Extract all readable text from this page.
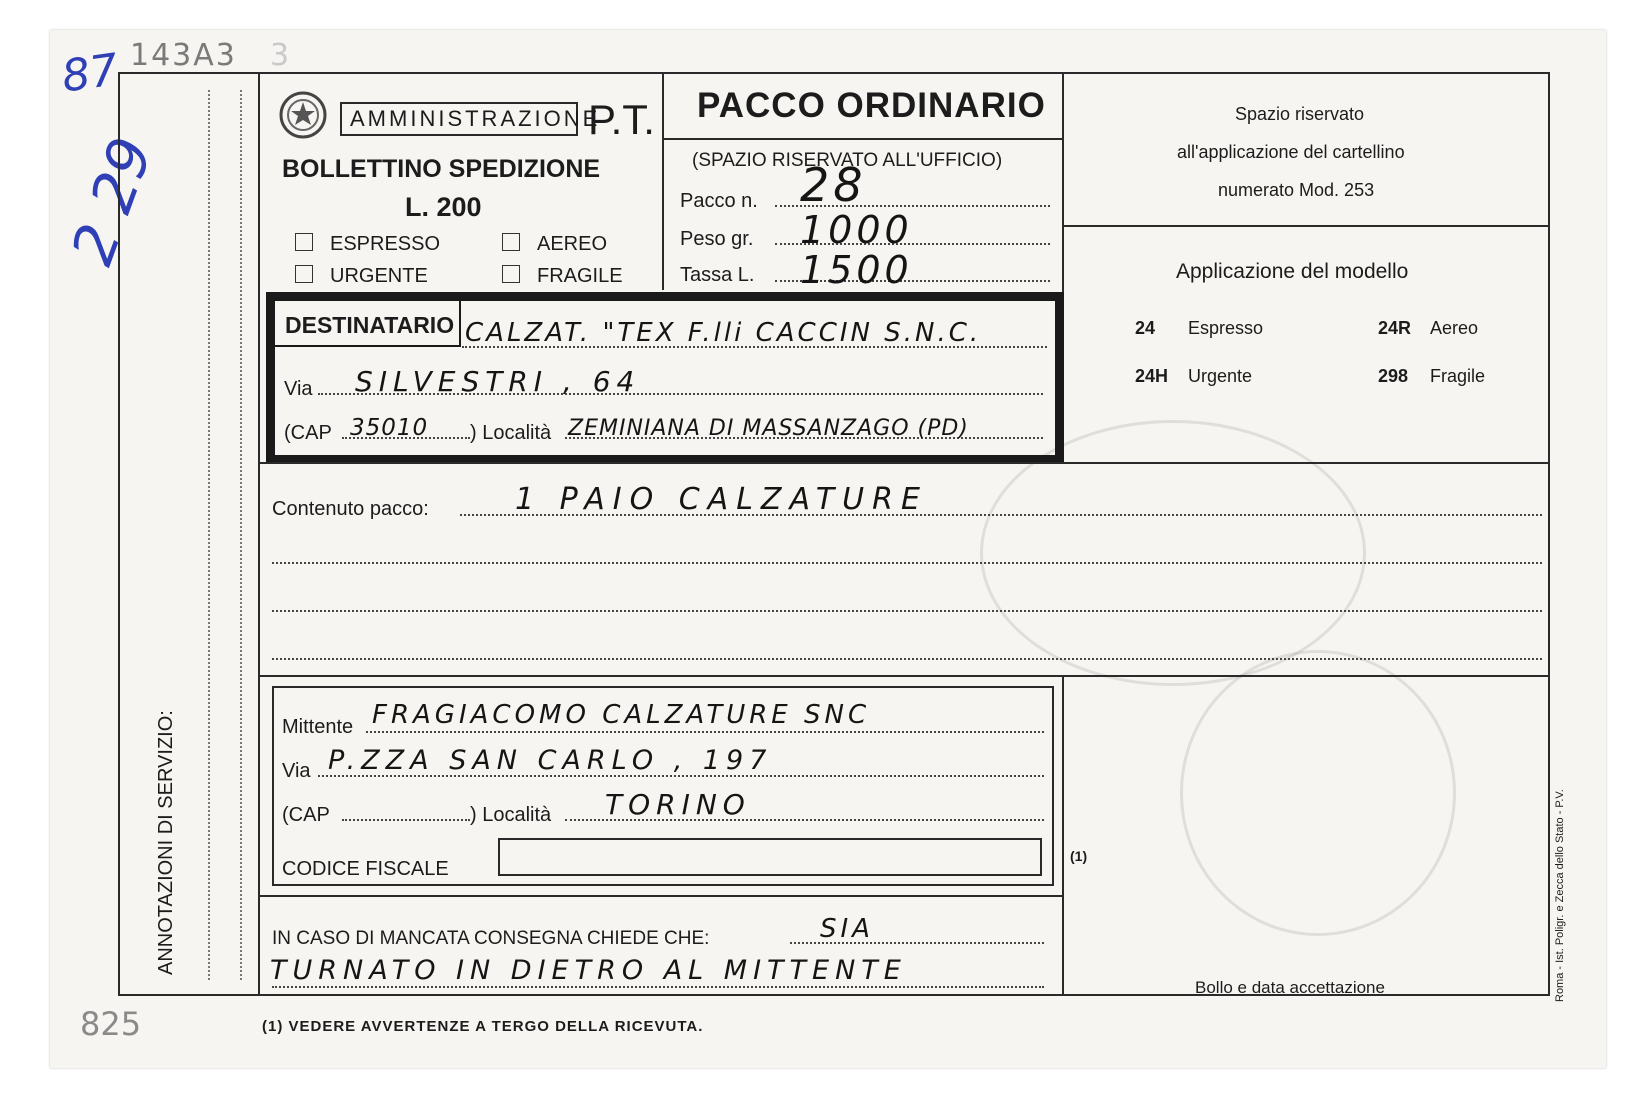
143A3 3
87
2 29
825
ANNOTAZIONI DI SERVIZIO:
AMMINISTRAZIONE
P.T.
BOLLETTINO SPEDIZIONE
L. 200
ESPRESSO	AEREO
URGENTE	FRAGILE
PACCO ORDINARIO
(SPAZIO RISERVATO ALL'UFFICIO)
Pacco n. 28
Peso gr. 1000
Tassa L. 1500
Spazio riservato
all'applicazione del cartellino
numerato Mod. 253
Applicazione del modello
24 Espresso	24R Aereo
24H Urgente	298 Fragile
DESTINATARIO CALZAT. "TEX F.lli CACCIN S.N.C.
Via SILVESTRI , 64
(CAP 35010 ) Località ZEMINIANA DI MASSANZAGO (PD)
Contenuto pacco:	1 PAIO CALZATURE
Mittente FRAGIACOMO CALZATURE SNC
Via P.ZZA SAN CARLO , 197
(CAP	) Località TORINO
CODICE FISCALE
(1)
IN CASO DI MANCATA CONSEGNA CHIEDE CHE:	SIA
TURNATO IN DIETRO AL MITTENTE
Bollo e data accettazione	Roma - Ist. Poligr. e Zecca dello Stato - P.V.
(1) VEDERE AVVERTENZE A TERGO DELLA RICEVUTA.
